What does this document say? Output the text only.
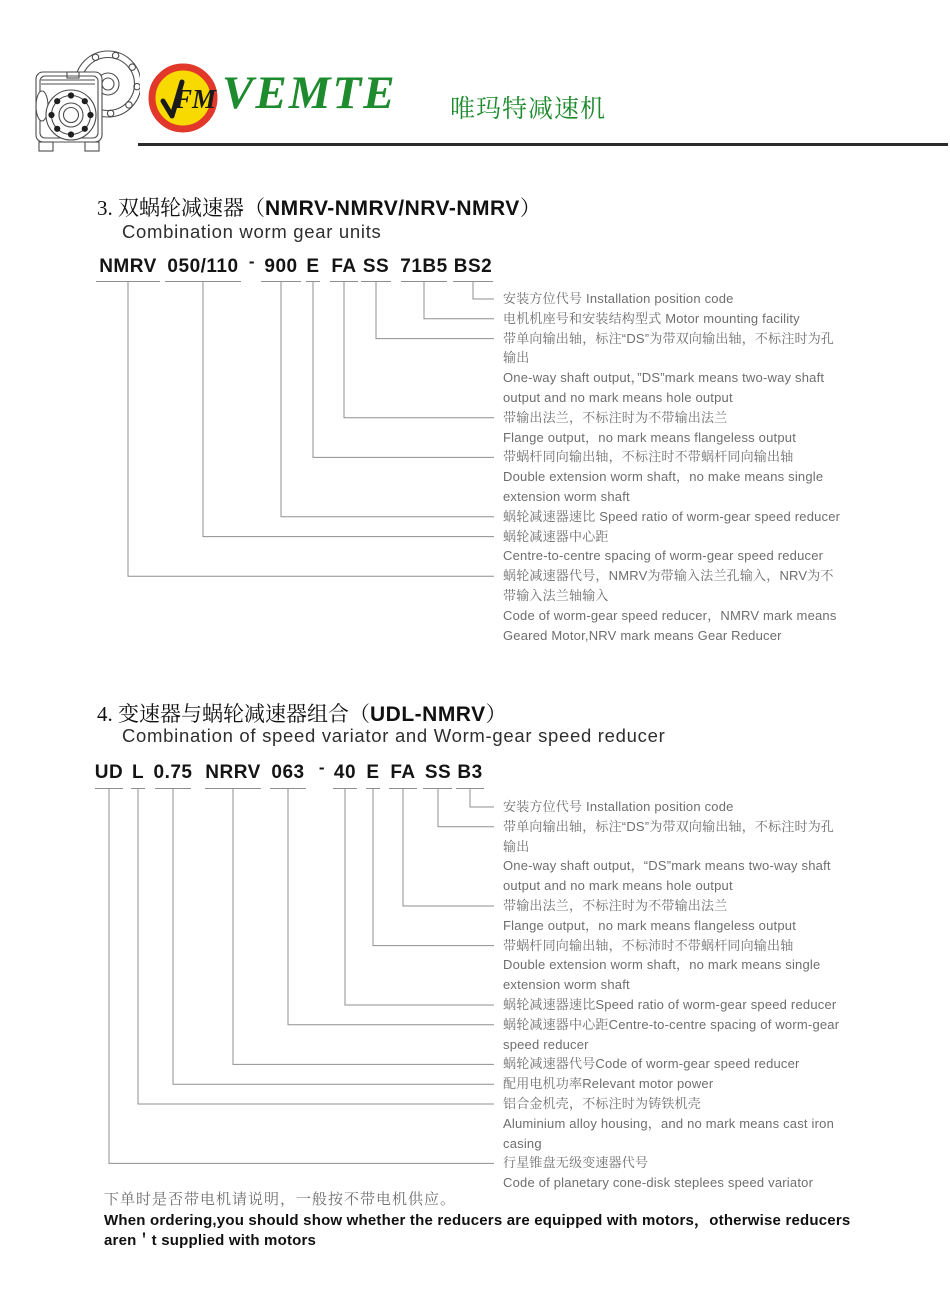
FM VEMTE 唯玛特减速机
3. 双蜗轮减速器（NMRV-NMRV/NRV-NMRV）
Combination worm gear units
NMRV 050/110 - 900 E FA SS 71B5 BS2
安装方位代号 Installation position code
电机机座号和安装结构型式 Motor mounting facility
带单向输出轴，标注“DS”为带双向输出轴，不标注时为孔
输出
One-way shaft output，”DS”mark means two-way shaft
output and no mark means hole output
带输出法兰，不标注时为不带输出法兰
Flange output，no mark means flangeless output
带蜗杆同向输出轴，不标注时不带蜗杆同向输出轴
Double extension worm shaft，no make means single
extension worm shaft
蜗轮减速器速比 Speed ratio of worm-gear speed reducer
蜗轮减速器中心距
Centre-to-centre spacing of worm-gear speed reducer
蜗轮减速器代号，NMRV为带输入法兰孔输入，NRV为不
带输入法兰轴输入
Code of worm-gear speed reducer，NMRV mark means
Geared Motor,NRV mark means Gear Reducer
4. 变速器与蜗轮减速器组合（UDL-NMRV）
Combination of speed variator and Worm-gear speed reducer
UD L 0.75 NRRV 063 - 40 E FA SS B3
安装方位代号 Installation position code
带单向输出轴，标注“DS”为带双向输出轴，不标注时为孔
输出
One-way shaft output，“DS”mark means two-way shaft
output and no mark means hole output
带输出法兰，不标注时为不带输出法兰
Flange output，no mark means flangeless output
带蜗杆同向输出轴，不标沛时不带蜗杆同向输出轴
Double extension worm shaft，no mark means single
extension worm shaft
蜗轮减速器速比Speed ratio of worm-gear speed reducer
蜗轮减速器中心距Centre-to-centre spacing of worm-gear
speed reducer
蜗轮减速器代号Code of worm-gear speed reducer
配用电机功率Relevant motor power
铝合金机壳，不标注时为铸铁机壳
Aluminium alloy housing，and no mark means cast iron
casing
行星锥盘无级变速器代号
Code of planetary cone-disk steplees speed variator
下单时是否带电机请说明，一般按不带电机供应。
When ordering,you should show whether the reducers are equipped with motors，otherwise reducers
aren＇t supplied with motors
